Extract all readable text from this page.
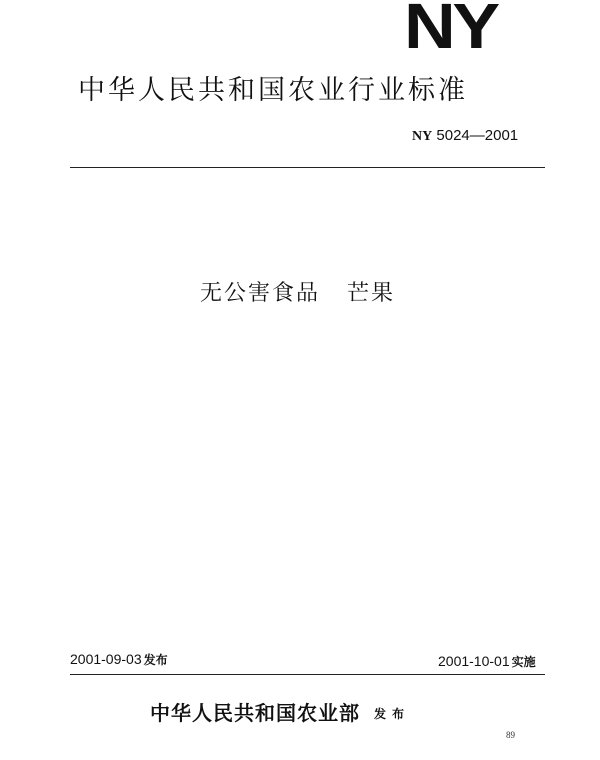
NY
中华人民共和国农业行业标准
NY 5024—2001
无公害食品   芒果
2001-09-03 发布	2001-10-01 实施
中华人民共和国农业部 发布
89
